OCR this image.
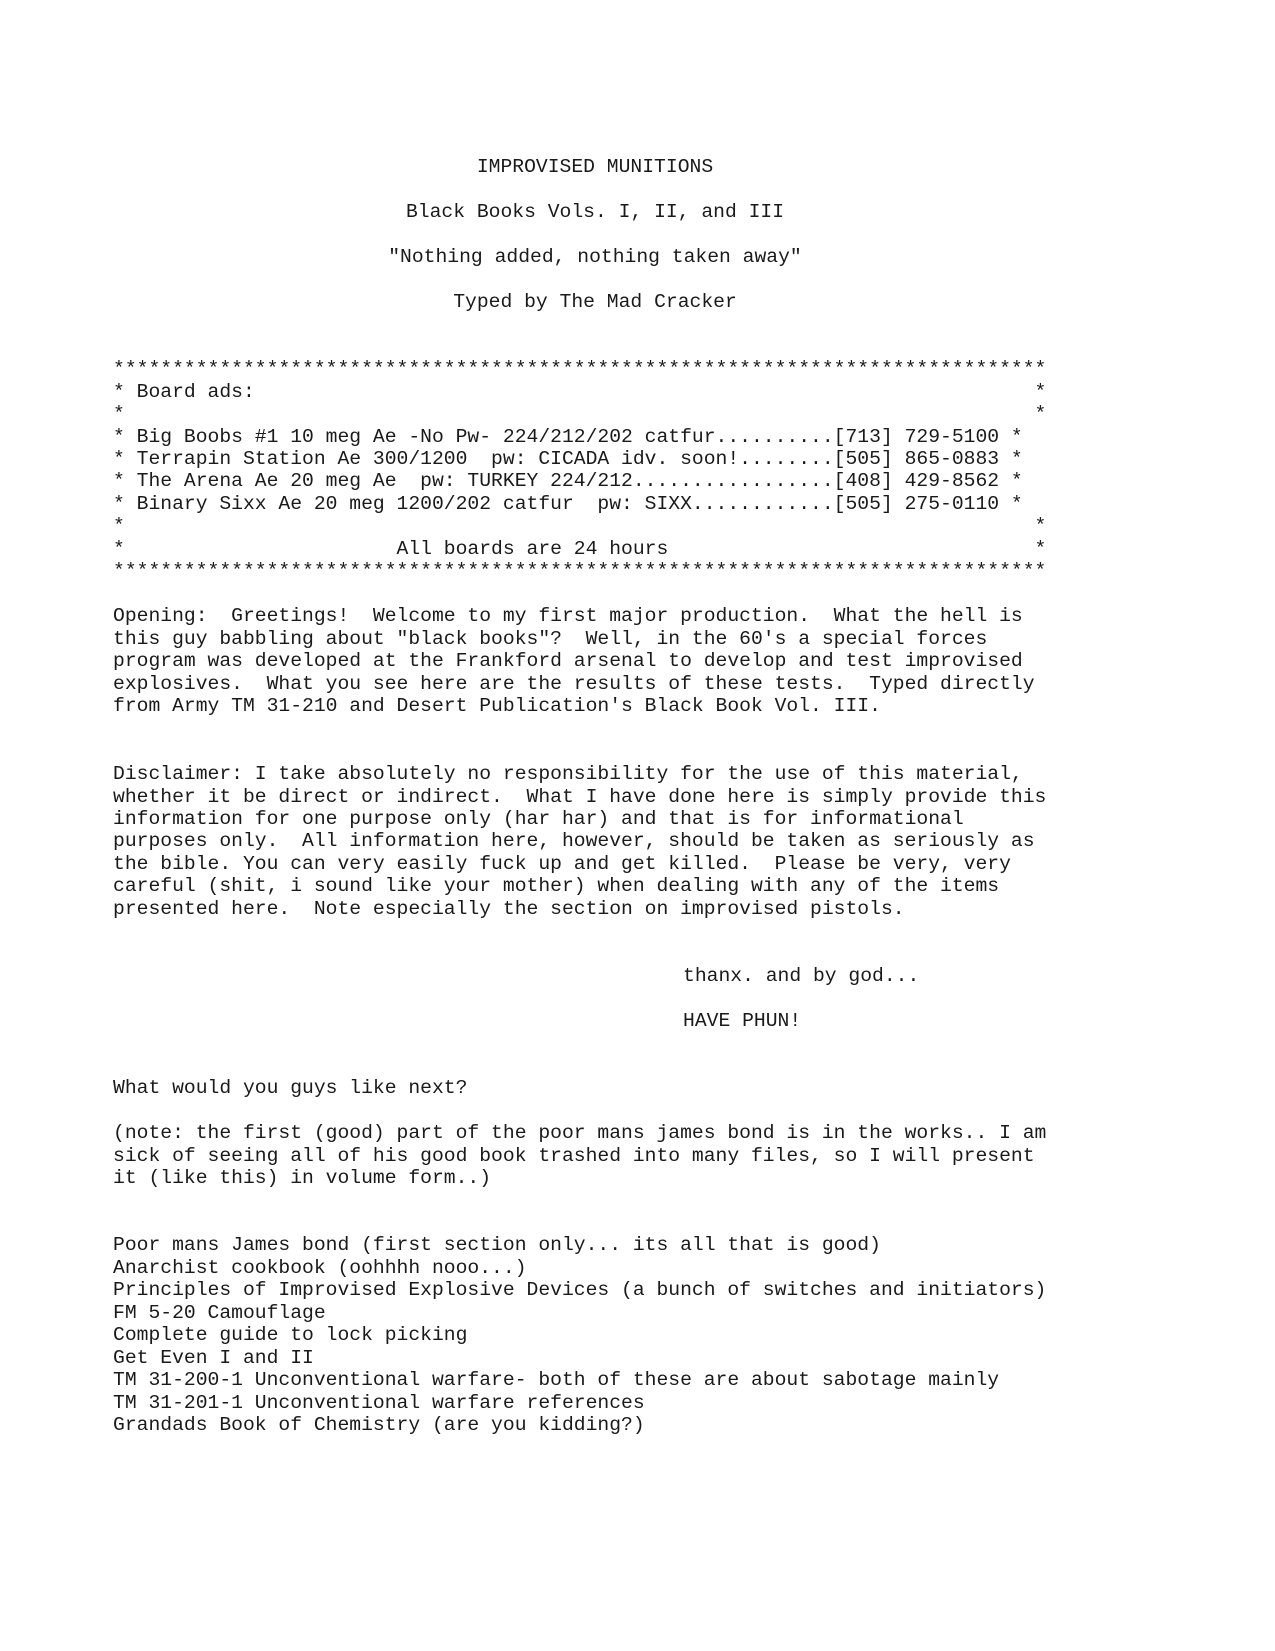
IMPROVISED MUNITIONS
Black Books Vols. I, II, and III
"Nothing added, nothing taken away"
Typed by The Mad Cracker
*******************************************************************************
* Board ads:                                                                  *
*                                                                             *
* Big Boobs #1 10 meg Ae -No Pw- 224/212/202 catfur..........[713] 729-5100 *
* Terrapin Station Ae 300/1200  pw: CICADA idv. soon!........[505] 865-0883 *
* The Arena Ae 20 meg Ae  pw: TURKEY 224/212.................[408] 429-8562 *
* Binary Sixx Ae 20 meg 1200/202 catfur  pw: SIXX............[505] 275-0110 *
*                                                                             *
*                       All boards are 24 hours                               *
*******************************************************************************
Opening:  Greetings!  Welcome to my first major production.  What the hell is
this guy babbling about "black books"?  Well, in the 60's a special forces
program was developed at the Frankford arsenal to develop and test improvised
explosives.  What you see here are the results of these tests.  Typed directly
from Army TM 31-210 and Desert Publication's Black Book Vol. III.
Disclaimer: I take absolutely no responsibility for the use of this material,
whether it be direct or indirect.  What I have done here is simply provide this
information for one purpose only (har har) and that is for informational
purposes only.  All information here, however, should be taken as seriously as
the bible. You can very easily fuck up and get killed.  Please be very, very
careful (shit, i sound like your mother) when dealing with any of the items
presented here.  Note especially the section on improvised pistols.
thanx. and by god...
HAVE PHUN!
What would you guys like next?
(note: the first (good) part of the poor mans james bond is in the works.. I am
sick of seeing all of his good book trashed into many files, so I will present
it (like this) in volume form..)
Poor mans James bond (first section only... its all that is good)
Anarchist cookbook (oohhhh nooo...)
Principles of Improvised Explosive Devices (a bunch of switches and initiators)
FM 5-20 Camouflage
Complete guide to lock picking
Get Even I and II
TM 31-200-1 Unconventional warfare- both of these are about sabotage mainly
TM 31-201-1 Unconventional warfare references
Grandads Book of Chemistry (are you kidding?)
